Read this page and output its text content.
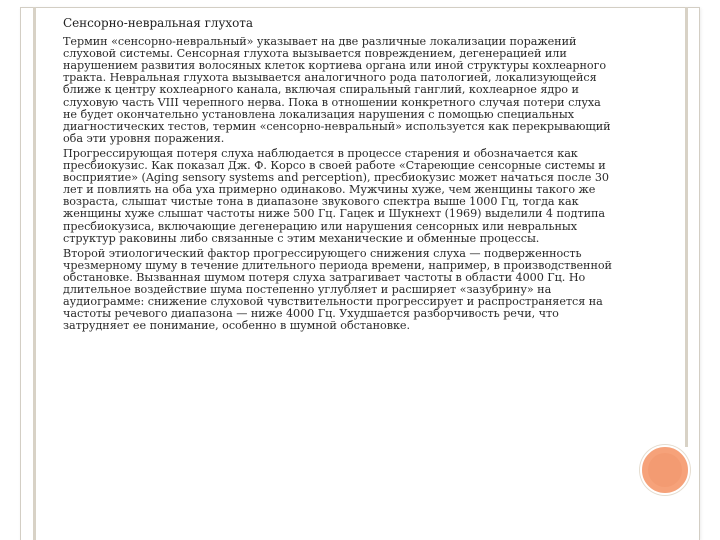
Сенсорно-невральная глухота

Термин «сенсорно-невральный» указывает на две различные локализации поражений слуховой системы. Сенсорная глухота вызывается повреждением, дегенерацией или нарушением развития волосяных клеток кортиева органа или иной структуры кохлеарного тракта. Невральная глухота вызывается аналогичного рода патологией, локализующейся ближе к центру кохлеарного канала, включая спиральный ганглий, кохлеарное ядро и слуховую часть VIII черепного нерва. Пока в отношении конкретного случая потери слуха не будет окончательно установлена локализация нарушения с помощью специальных диагностических тестов, термин «сенсорно-невральный» используется как перекрывающий оба эти уровня поражения.

Прогрессирующая потеря слуха наблюдается в процессе старения и обозначается как пресбиокузис. Как показал Дж. Ф. Корсо в своей работе «Стареющие сенсорные системы и восприятие» (Aging sensory systems and perception), пресбиокузис может начаться после 30 лет и повлиять на оба уха примерно одинаково. Мужчины хуже, чем женщины такого же возраста, слышат чистые тона в диапазоне звукового спектра выше 1000 Гц, тогда как женщины хуже слышат частоты ниже 500 Гц. Гацек и Шукнехт (1969) выделили 4 подтипа пресбиокузиса, включающие дегенерацию или нарушения сенсорных или невральных структур раковины либо связанные с этим механические и обменные процессы.

Второй этиологический фактор прогрессирующего снижения слуха — подверженность чрезмерному шуму в течение длительного периода времени, например, в производственной обстановке. Вызванная шумом потеря слуха затрагивает частоты в области 4000 Гц. Но длительное воздействие шума постепенно углубляет и расширяет «зазубрину» на аудиограмме: снижение слуховой чувствительности прогрессирует и распространяется на частоты речевого диапазона — ниже 4000 Гц. Ухудшается разборчивость речи, что затрудняет ее понимание, особенно в шумной обстановке.
